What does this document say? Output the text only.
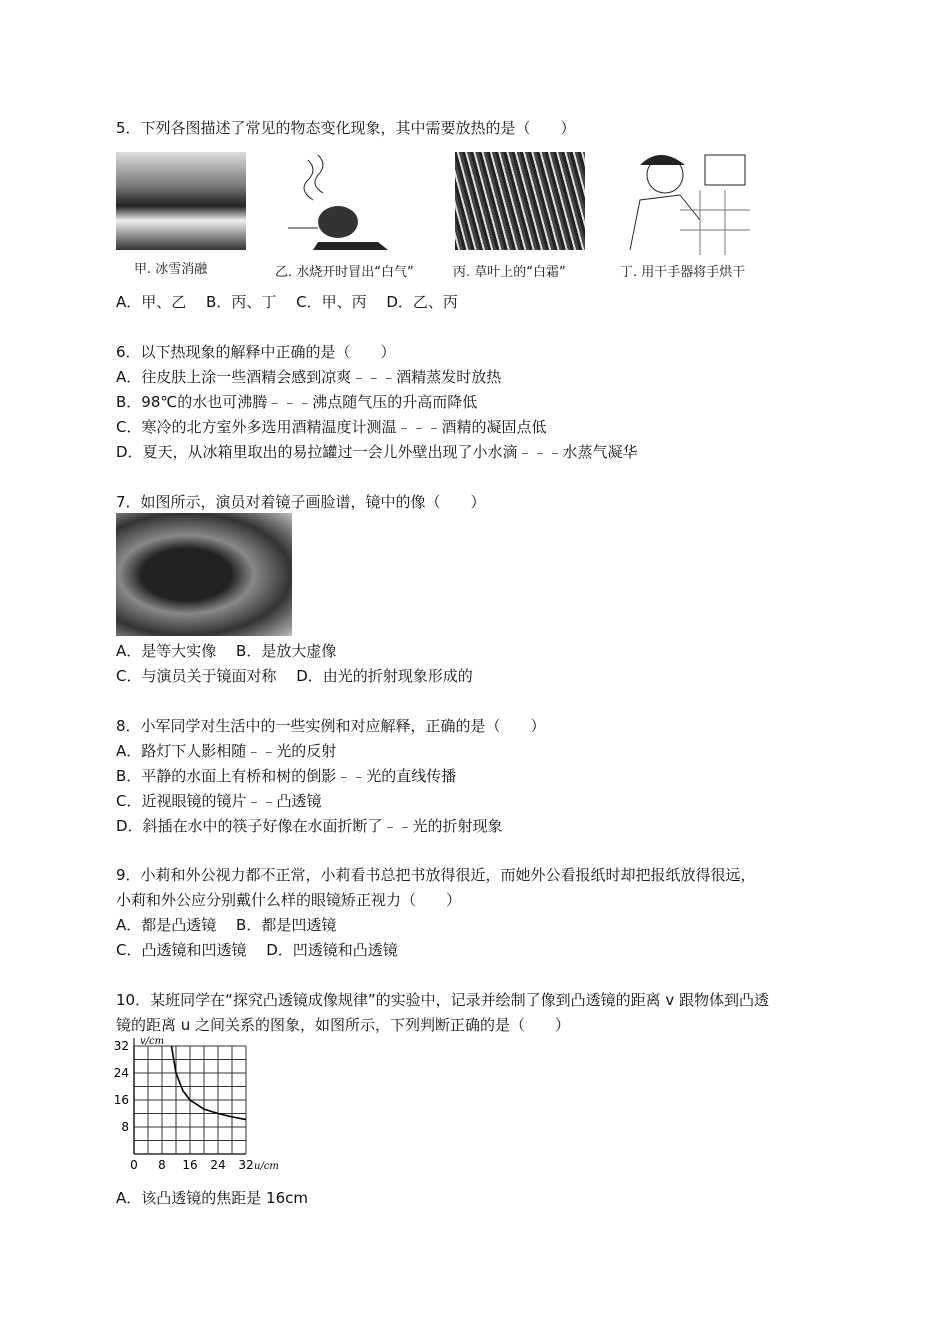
5．下列各图描述了常见的物态变化现象，其中需要放热的是（　　）
甲. 冰雪消融	乙. 水烧开时冒出“白气”	丙. 草叶上的“白霜”	丁. 用干手器将手烘干
A．甲、乙　 B．丙、丁　 C．甲、丙　 D．乙、丙
6．以下热现象的解释中正确的是（　　）
A．往皮肤上涂一些酒精会感到凉爽﹣﹣﹣酒精蒸发时放热
B．98℃的水也可沸腾﹣﹣﹣沸点随气压的升高而降低
C．寒冷的北方室外多选用酒精温度计测温﹣﹣﹣酒精的凝固点低
D．夏天，从冰箱里取出的易拉罐过一会儿外壁出现了小水滴﹣﹣﹣水蒸气凝华
7．如图所示，演员对着镜子画脸谱，镜中的像（　　）
A．是等大实像　 B．是放大虚像
C．与演员关于镜面对称　 D．由光的折射现象形成的
8．小军同学对生活中的一些实例和对应解释，正确的是（　　）
A．路灯下人影相随﹣﹣光的反射
B．平静的水面上有桥和树的倒影﹣﹣光的直线传播
C．近视眼镜的镜片﹣﹣凸透镜
D．斜插在水中的筷子好像在水面折断了﹣﹣光的折射现象
9．小莉和外公视力都不正常，小莉看书总把书放得很近，而她外公看报纸时却把报纸放得很远，
小莉和外公应分别戴什么样的眼镜矫正视力（　　）
A．都是凸透镜　 B．都是凹透镜
C．凸透镜和凹透镜　 D．凹透镜和凸透镜
10．某班同学在“探究凸透镜成像规律”的实验中，记录并绘制了像到凸透镜的距离 v 跟物体到凸透
镜的距离 u 之间关系的图象，如图所示，下列判断正确的是（　　）
0 8 16 24 32
8
16
24
32 v/cm
u/cm
A．该凸透镜的焦距是 16cm
